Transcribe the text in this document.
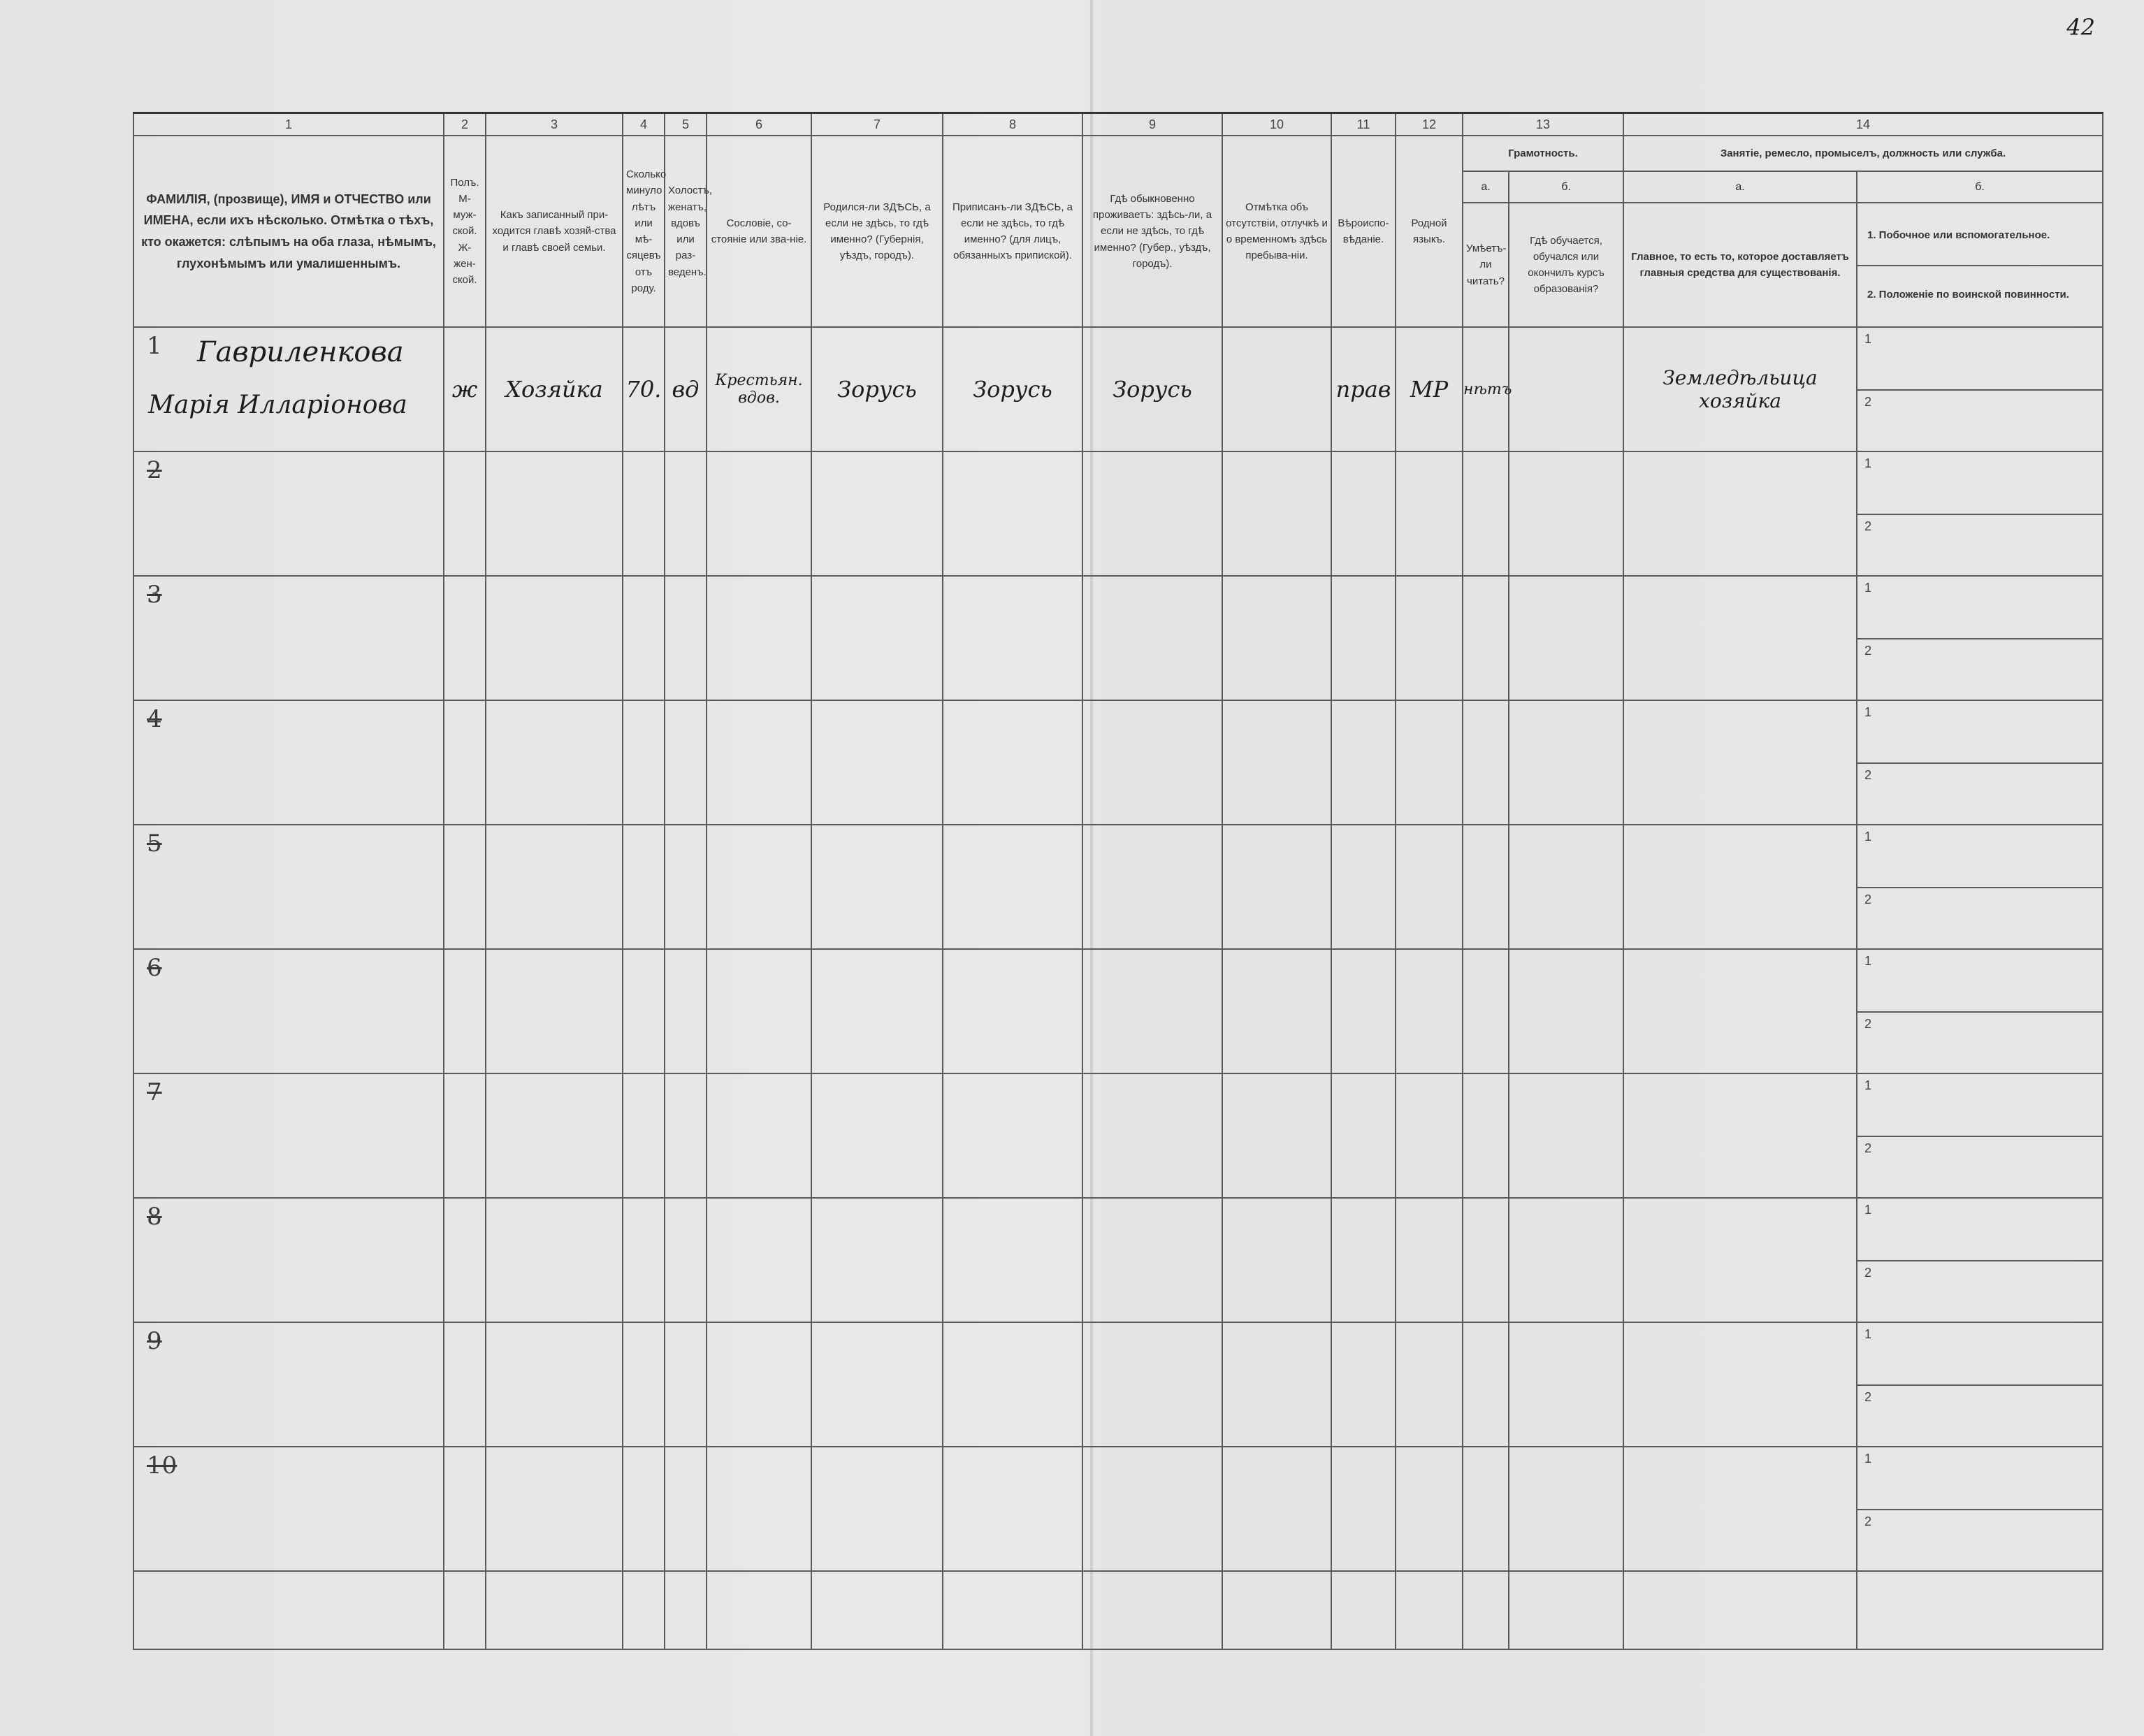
42
1	2	3	4	5	6	7	8	9	10	11	12	13		14	
ФАМИЛІЯ, (прозвище), ИМЯ и ОТЧЕСТВО или ИМЕНА, если ихъ нѣсколько. Отмѣтка о тѣхъ, кто окажется: слѣпымъ на оба глаза, нѣмымъ, глухонѣмымъ или умалишеннымъ.	Полъ. М-муж-ской. Ж-жен-ской.	Какъ записанный при-ходится главѣ хозяй-ства и главѣ своей семьи.	Сколько минуло лѣтъ или мѣ-сяцевъ отъ роду.	Холостъ, женатъ, вдовъ или раз-веденъ.	Сословіе, со-стояніе или зва-ніе.	Родился-ли ЗДѢСЬ, а если не здѣсь, то гдѣ именно? (Губернія, уѣздъ, городъ).	Приписанъ-ли ЗДѢСЬ, а если не здѣсь, то гдѣ именно? (для лицъ, обязанныхъ припиской).	Гдѣ обыкновенно проживаетъ: здѣсь-ли, а если не здѣсь, то гдѣ именно? (Губер., уѣздъ, городъ).	Отмѣтка объ отсутствіи, отлучкѣ и о временномъ здѣсь пребыва-ніи.	Вѣроиспо-вѣданіе.	Родной языкъ.	Грамотность.		Занятіе, ремесло, промыселъ, должность или служба.	
												а.	б.	а.	б.
												Умѣетъ-ли читать?	Гдѣ обучается, обучался или окончилъ курсъ образованія?	Главное, то есть то, которое доставляетъ главныя средства для существованія.	1. Побочное или вспомогательное.
2. Положеніе по воинской повинности.

1 Гавриленкова
Марія Илларіонова	ж	Хозяйка	70.	вд	Крестьян. вдов.	Зорусь	Зорусь	Зорусь		прав	МР	нѣтъ		Земледѣльица хозяйка	1
2

2															1
2

3															1
2

4															1
2

5															1
2

6															1
2

7															1
2

8															1
2

9															1
2

10															1
2
